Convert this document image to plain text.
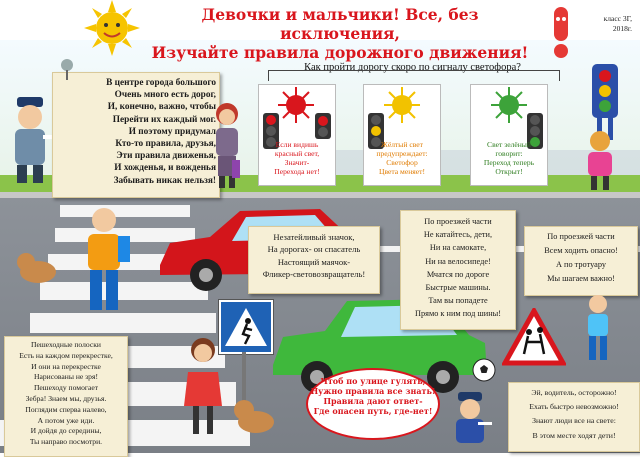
Девочки и мальчики! Все, без исключения,
Изучайте правила дорожного движения!
класс 3Г,
2018г.
В центре города большого
Очень много есть дорог,
И, конечно, важно, чтобы
Перейти их каждый мог.
И поэтому придумал
Кто-то правила, друзья,
Эти правила движенья,
И хожденья, и вожденья
Забывать никак нельзя!
Как пройти дорогу скоро по сигналу светофора?
Если видишь
красный свет,
Значит-
Перехода нет!
Жёлтый свет
предупреждает:
Светофор
Цвета меняет!
Свет зелёный
говорит:
Переход теперь
Открыт!
Незатейливый значок,
На дорогах- он спасатель
Настоящий маячок-
Фликер-световозвращатель!
По проезжей части
Не катайтесь, дети,
Ни на самокате,
Ни на велосипеде!
Мчатся по дороге
Быстрые машины.
Там вы попадете
Прямо к ним под шины!
По проезжей части
Всем ходить опасно!
А по тротуару
Мы шагаем важно!
Пешеходные полоски
Есть на каждом перекрестке,
И они на перекрестке
Нарисованы не зря!
Пешеходу помогает
Зебра! Знаем мы, друзья.
Поглядим сперва налево,
А потом уже иди.
И дойдя до середины,
Ты направо посмотри.
Чтоб по улице гулять,
Нужно правила все знать!
Правила дают ответ-
Где опасен путь, где-нет!
Эй, водитель, осторожно!
Ехать быстро невозможно!
Знают люди все на свете:
В этом месте ходят дети!
